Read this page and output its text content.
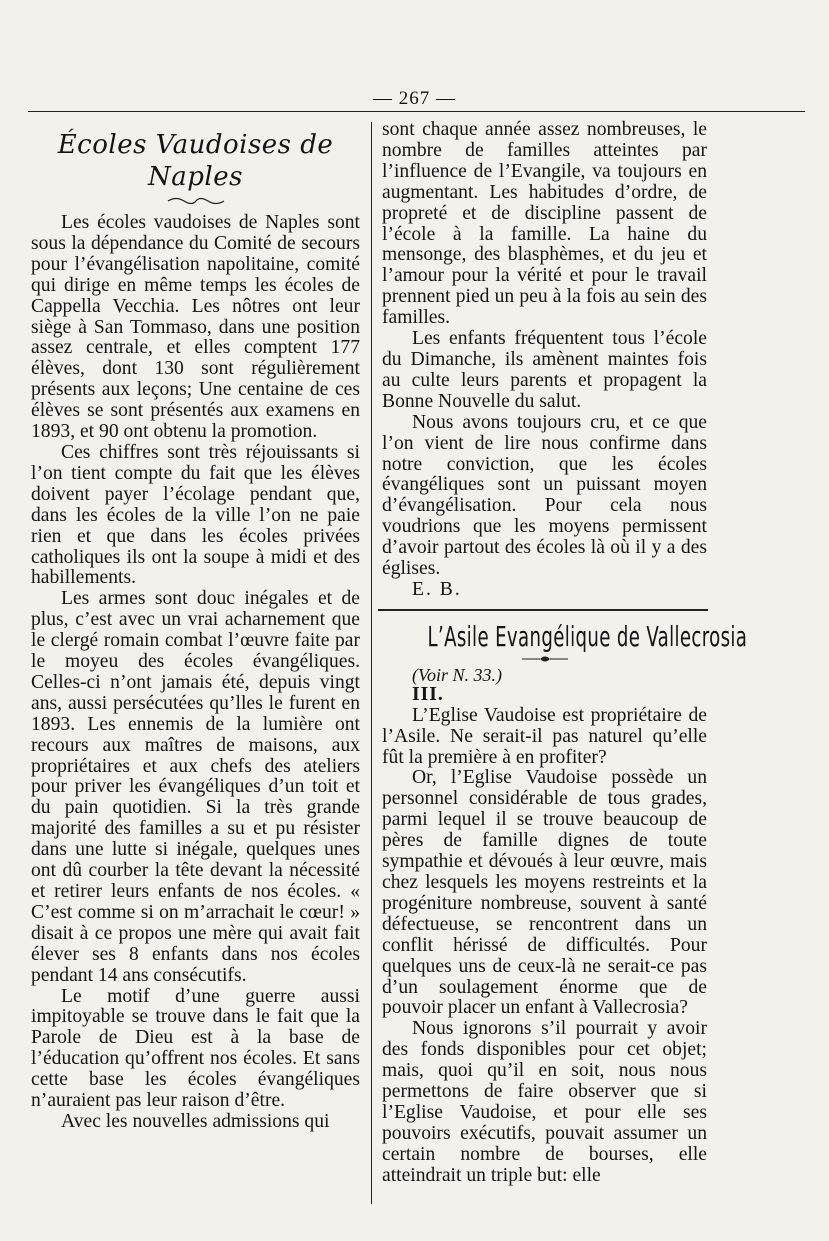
— 267 —
Écoles Vaudoises de Naples

Les écoles vaudoises de Naples sont sous la dépendance du Comité de secours pour l’évangélisation napolitaine, comité qui dirige en même temps les écoles de Cappella Vecchia. Les nôtres ont leur siège à San Tommaso, dans une position assez centrale, et elles comptent 177 élèves, dont 130 sont régulièrement présents aux leçons; Une centaine de ces élèves se sont présentés aux examens en 1893, et 90 ont obtenu la promotion.

Ces chiffres sont très réjouissants si l’on tient compte du fait que les élèves doivent payer l’écolage pendant que, dans les écoles de la ville l’on ne paie rien et que dans les écoles privées catholiques ils ont la soupe à midi et des habillements.

Les armes sont douc inégales et de plus, c’est avec un vrai acharnement que le clergé romain combat l’œuvre faite par le moyeu des écoles évangéliques. Celles-ci n’ont jamais été, depuis vingt ans, aussi persécutées qu’lles le furent en 1893. Les ennemis de la lumière ont recours aux maîtres de maisons, aux propriétaires et aux chefs des ateliers pour priver les évangéliques d’un toit et du pain quotidien. Si la très grande majorité des familles a su et pu résister dans une lutte si inégale, quelques unes ont dû courber la tête devant la nécessité et retirer leurs enfants de nos écoles. « C’est comme si on m’arrachait le cœur! » disait à ce propos une mère qui avait fait élever ses 8 enfants dans nos écoles pendant 14 ans consécutifs.

Le motif d’une guerre aussi impitoyable se trouve dans le fait que la Parole de Dieu est à la base de l’éducation qu’offrent nos écoles. Et sans cette base les écoles évangéliques n’auraient pas leur raison d’être.

Avec les nouvelles admissions qui

sont chaque année assez nombreuses, le nombre de familles atteintes par l’influence de l’Evangile, va toujours en augmentant. Les habitudes d’ordre, de propreté et de discipline passent de l’école à la famille. La haine du mensonge, des blasphèmes, et du jeu et l’amour pour la vérité et pour le travail prennent pied un peu à la fois au sein des familles.

Les enfants fréquentent tous l’école du Dimanche, ils amènent maintes fois au culte leurs parents et propagent la Bonne Nouvelle du salut.

Nous avons toujours cru, et ce que l’on vient de lire nous confirme dans notre conviction, que les écoles évangéliques sont un puissant moyen d’évangélisation. Pour cela nous voudrions que les moyens permissent d’avoir partout des écoles là où il y a des églises.

E. B.

L’Asile Evangélique de Vallecrosia

(Voir N. 33.)

III.

L’Eglise Vaudoise est propriétaire de l’Asile. Ne serait-il pas naturel qu’elle fût la première à en profiter?

Or, l’Eglise Vaudoise possède un personnel considérable de tous grades, parmi lequel il se trouve beaucoup de pères de famille dignes de toute sympathie et dévoués à leur œuvre, mais chez lesquels les moyens restreints et la progéniture nombreuse, souvent à santé défectueuse, se rencontrent dans un conflit hérissé de difficultés. Pour quelques uns de ceux-là ne serait-ce pas d’un soulagement énorme que de pouvoir placer un enfant à Vallecrosia?

Nous ignorons s’il pourrait y avoir des fonds disponibles pour cet objet; mais, quoi qu’il en soit, nous nous permettons de faire observer que si l’Eglise Vaudoise, et pour elle ses pouvoirs exécutifs, pouvait assumer un certain nombre de bourses, elle atteindrait un triple but: elle
